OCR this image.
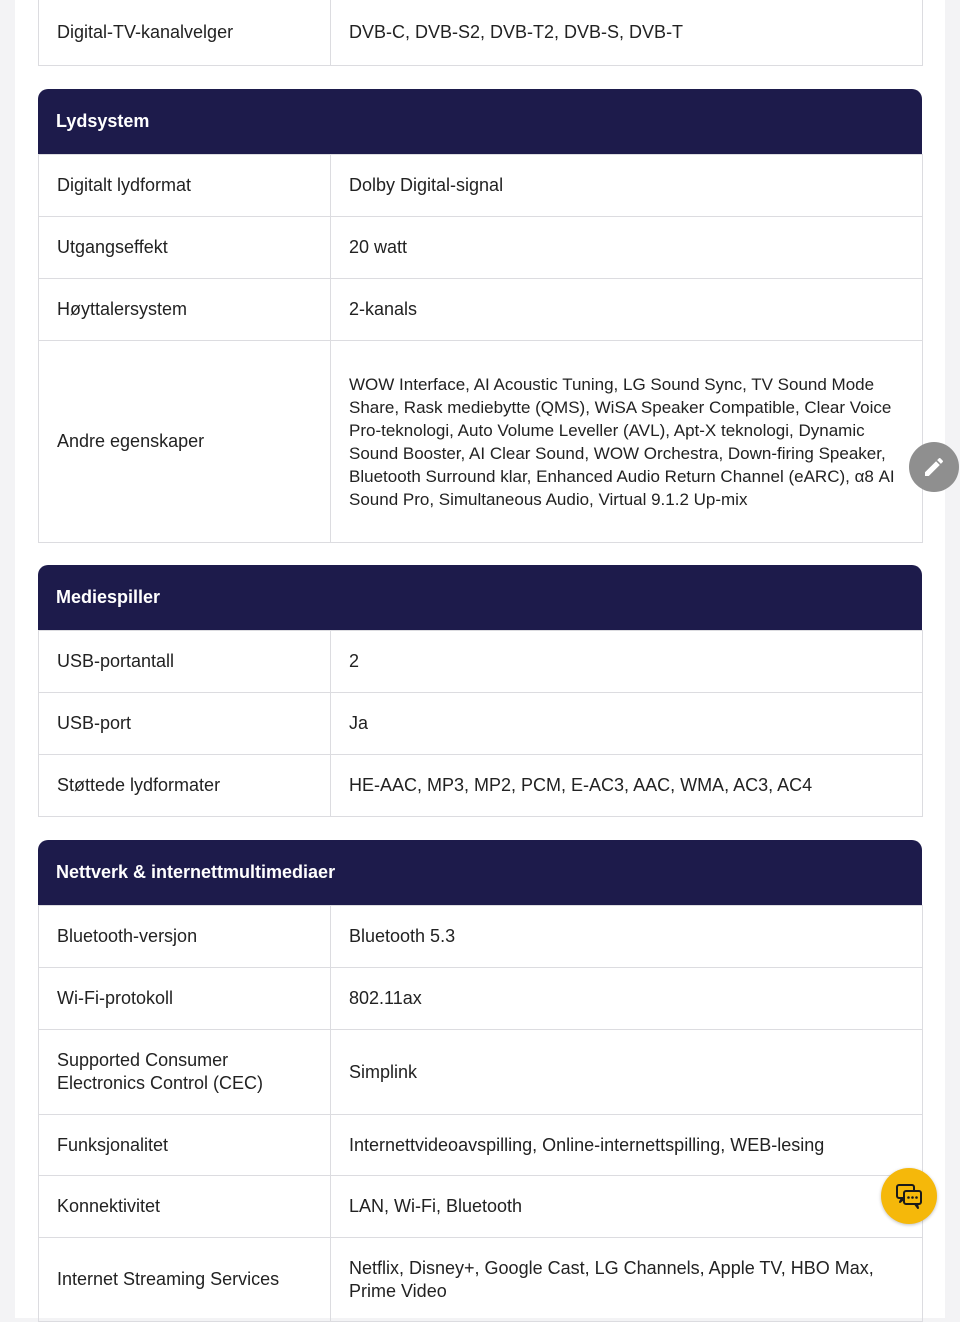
Digital-TV-kanalvelger	DVB-C, DVB-S2, DVB-T2, DVB-S, DVB-T
Lydsystem
Digitalt lydformat	Dolby Digital-signal
Utgangseffekt	20 watt
Høyttalersystem	2-kanals
Andre egenskaper	WOW Interface, AI Acoustic Tuning, LG Sound Sync, TV Sound Mode Share, Rask mediebytte (QMS), WiSA Speaker Compatible, Clear Voice Pro-teknologi, Auto Volume Leveller (AVL), Apt-X teknologi, Dynamic Sound Booster, AI Clear Sound, WOW Orchestra, Down-firing Speaker, Bluetooth Surround klar, Enhanced Audio Return Channel (eARC), α8 AI Sound Pro, Simultaneous Audio, Virtual 9.1.2 Up-mix
Mediespiller
USB-portantall	2
USB-port	Ja
Støttede lydformater	HE-AAC, MP3, MP2, PCM, E-AC3, AAC, WMA, AC3, AC4
Nettverk & internettmultimediaer
Bluetooth-versjon	Bluetooth 5.3
Wi-Fi-protokoll	802.11ax
Supported Consumer Electronics Control (CEC)	Simplink
Funksjonalitet	Internettvideoavspilling, Online-internettspilling, WEB-lesing
Konnektivitet	LAN, Wi-Fi, Bluetooth
Internet Streaming Services	Netflix, Disney+, Google Cast, LG Channels, Apple TV, HBO Max, Prime Video
